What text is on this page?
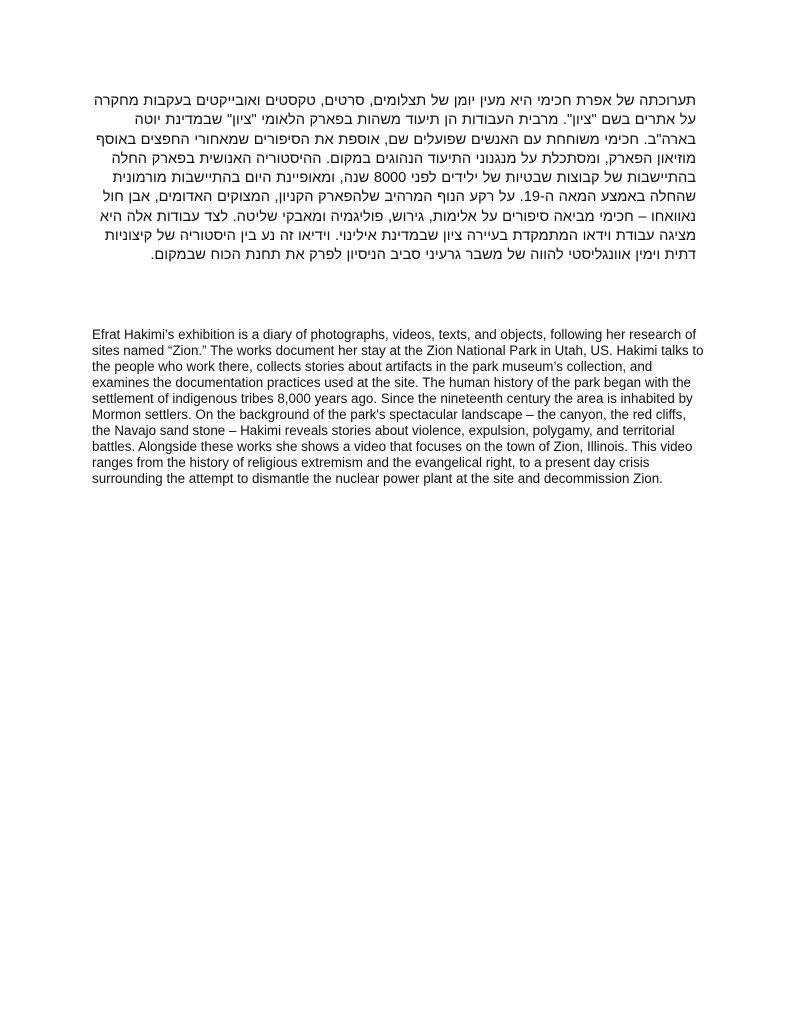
תערוכתה של אפרת חכימי היא מעין יומן של תצלומים, סרטים, טקסטים ואובייקטים בעקבות מחקרה על אתרים בשם "ציון". מרבית העבודות הן תיעוד משהות בפארק הלאומי "ציון" שבמדינת יוטה בארה"ב. חכימי משוחחת עם האנשים שפועלים שם, אוספת את הסיפורים שמאחורי החפצים באוסף מוזיאון הפארק, ומסתכלת על מנגנוני התיעוד הנהוגים במקום. ההיסטוריה האנושית בפארק החלה בהתיישבות של קבוצות שבטיות של ילידים לפני 8000 שנה, ומאופיינת היום בהתיישבות מורמונית שהחלה באמצע המאה ה-19. על רקע הנוף המרהיב שלהפארק הקניון, המצוקים האדומים, אבן חול נאוואחו – חכימי מביאה סיפורים על אלימות, גירוש, פוליגמיה ומאבקי שליטה. לצד עבודות אלה היא מציגה עבודת וידאו המתמקדת בעיירה ציון שבמדינת אילינוי. וידיאו זה נע בין היסטוריה של קיצוניות דתית וימין אוונגליסטי להווה של משבר גרעיני סביב הניסיון לפרק את תחנת הכוח שבמקום.

Efrat Hakimi’s exhibition is a diary of photographs, videos, texts, and objects, following her research of sites named “Zion.” The works document her stay at the Zion National Park in Utah, US. Hakimi talks to the people who work there, collects stories about artifacts in the park museum’s collection, and examines the documentation practices used at the site. The human history of the park began with the settlement of indigenous tribes 8,000 years ago. Since the nineteenth century the area is inhabited by Mormon settlers. On the background of the park's spectacular landscape – the canyon, the red cliffs, the Navajo sand stone – Hakimi reveals stories about violence, expulsion, polygamy, and territorial battles. Alongside these works she shows a video that focuses on the town of Zion, Illinois. This video ranges from the history of religious extremism and the evangelical right, to a present day crisis surrounding the attempt to dismantle the nuclear power plant at the site and decommission Zion.
